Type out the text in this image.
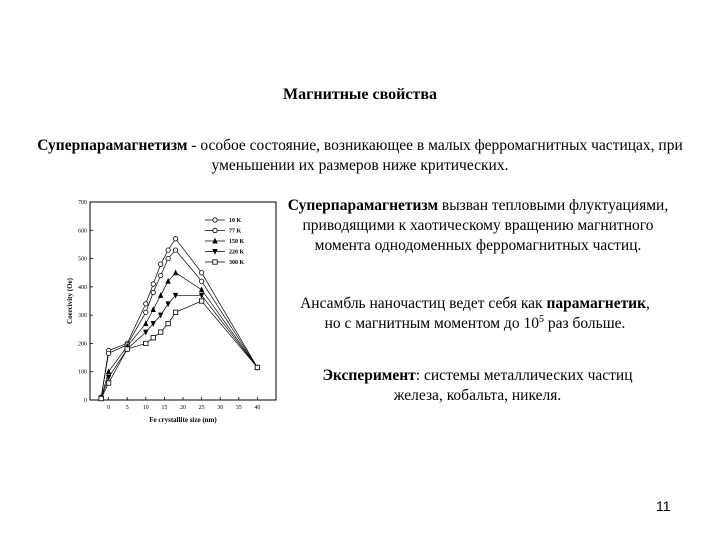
Магнитные свойства
Суперпарамагнетизм - особое состояние, возникающее в малых ферромагнитных частицах, при уменьшении их размеров ниже критических.
0
100
200
300
400
500
600
700
0	5 10 15 20 25 30 35 40
10 K
77 K
150 K
220 K
300 K
Coercivity (Oe)
Fe crystallite size (nm)
Суперпарамагнетизм вызван тепловыми флуктуациями, приводящими к хаотическому вращению магнитного момента однодоменных ферромагнитных частиц.
Ансамбль наночастиц ведет себя как парамагнетик, но с магнитным моментом до $10^5$ раз больше.
Эксперимент: системы металлических частиц железа, кобальта, никеля.
11
